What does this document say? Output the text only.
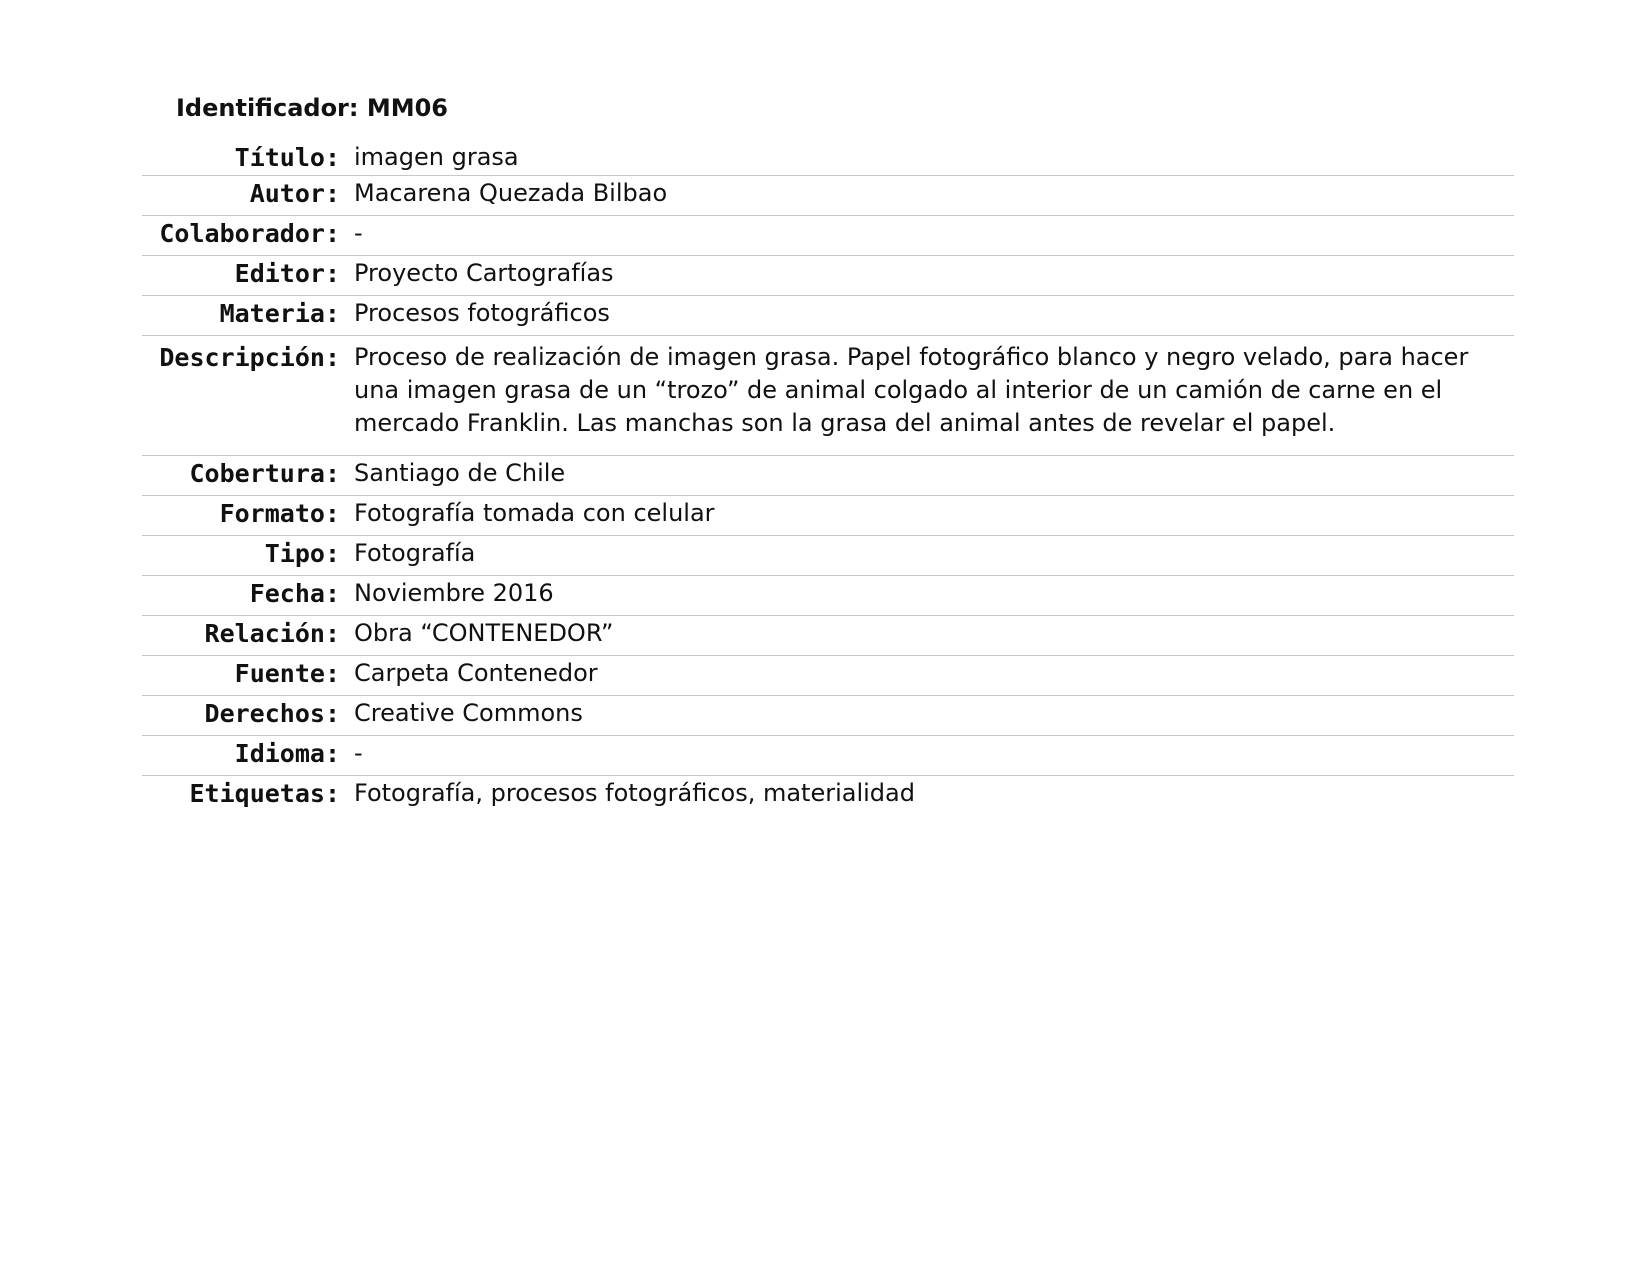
Identificador: MM06
Título: imagen grasa
Autor: Macarena Quezada Bilbao
Colaborador: -
Editor: Proyecto Cartografías
Materia: Procesos fotográficos
Descripción: Proceso de realización de imagen grasa. Papel fotográfico blanco y negro velado, para hacer una imagen grasa de un “trozo” de animal colgado al interior de un camión de carne en el mercado Franklin. Las manchas son la grasa del animal antes de revelar el papel.
Cobertura: Santiago de Chile
Formato: Fotografía tomada con celular
Tipo: Fotografía
Fecha: Noviembre 2016
Relación: Obra “CONTENEDOR”
Fuente: Carpeta Contenedor
Derechos: Creative Commons
Idioma: -
Etiquetas: Fotografía, procesos fotográficos, materialidad
